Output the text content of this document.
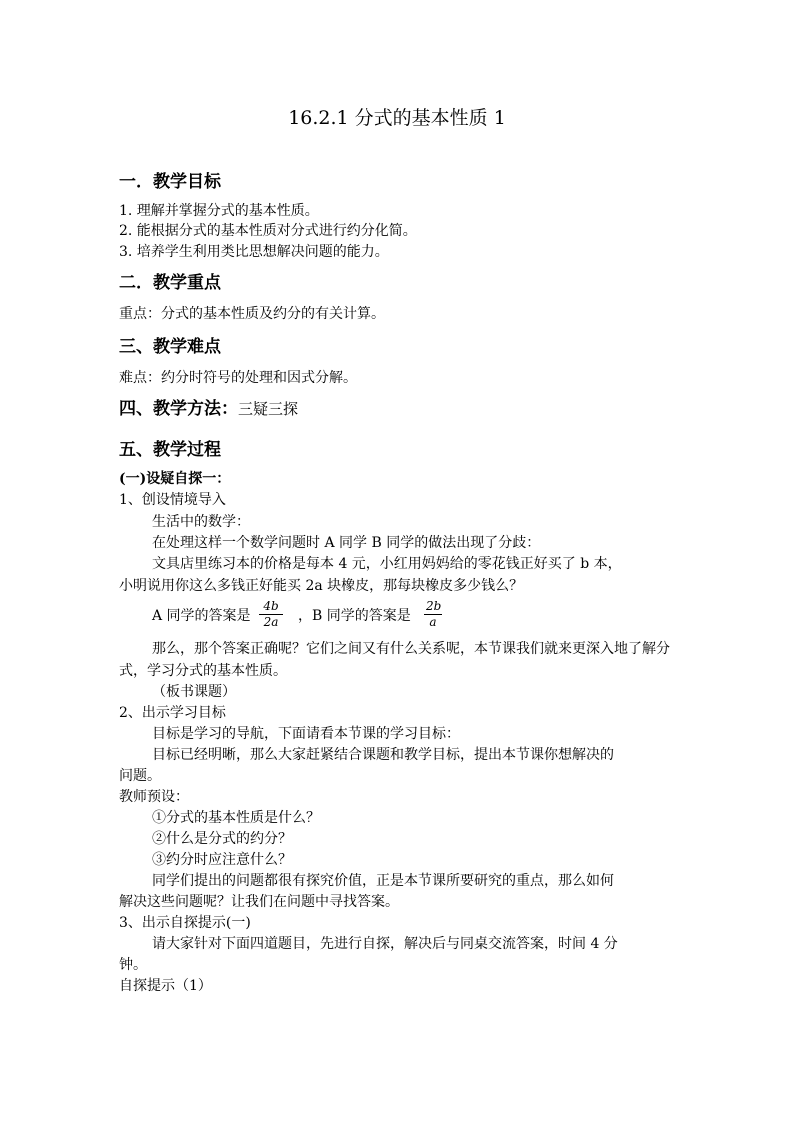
16.2.1 分式的基本性质 1
一．教学目标
1. 理解并掌握分式的基本性质。
2. 能根据分式的基本性质对分式进行约分化简。
3. 培养学生利用类比思想解决问题的能力。
二．教学重点
重点：分式的基本性质及约分的有关计算。
三、教学难点
难点：约分时符号的处理和因式分解。
四、教学方法：三疑三探
五、教学过程
(一)设疑自探一：
1、创设情境导入
生活中的数学：
在处理这样一个数学问题时 A 同学 B 同学的做法出现了分歧：
文具店里练习本的价格是每本 4 元，小红用妈妈给的零花钱正好买了 b 本，
小明说用你这么多钱正好能买 2a 块橡皮，那每块橡皮多少钱么？
A 同学的答案是 $\frac{4b}{2a}$ ，B 同学的答案是 $\frac{2b}{a}$
那么，那个答案正确呢？它们之间又有什么关系呢，本节课我们就来更深入地了解分
式，学习分式的基本性质。
（板书课题）
2、出示学习目标
目标是学习的导航，下面请看本节课的学习目标：
目标已经明晰，那么大家赶紧结合课题和教学目标，提出本节课你想解决的
问题。
教师预设：
①分式的基本性质是什么？
②什么是分式的约分？
③约分时应注意什么？
同学们提出的问题都很有探究价值，正是本节课所要研究的重点，那么如何
解决这些问题呢？让我们在问题中寻找答案。
3、出示自探提示(一)
请大家针对下面四道题目，先进行自探，解决后与同桌交流答案，时间 4 分
钟。
自探提示（1）
